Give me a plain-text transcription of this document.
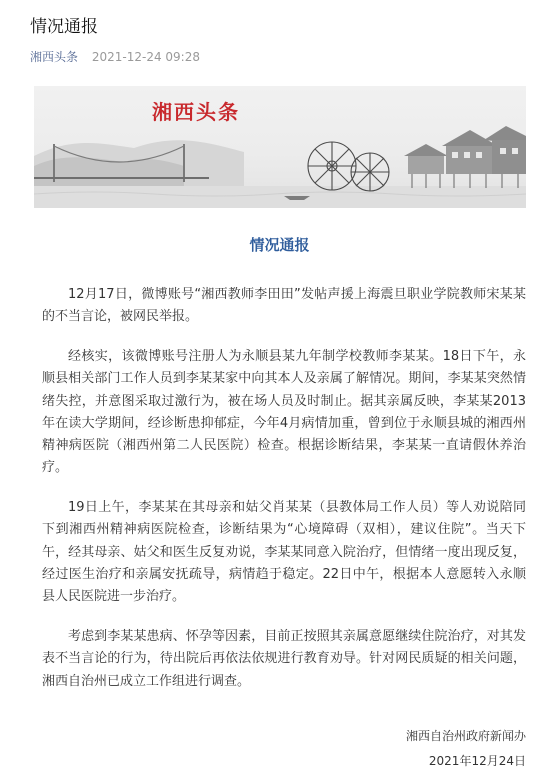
情况通报
湘西头条 2021-12-24 09:28
湘西头条
情况通报

12月17日，微博账号“湘西教师李田田”发帖声援上海震旦职业学院教师宋某某的不当言论，被网民举报。

经核实，该微博账号注册人为永顺县某九年制学校教师李某某。18日下午，永顺县相关部门工作人员到李某某家中向其本人及亲属了解情况。期间，李某某突然情绪失控，并意图采取过激行为，被在场人员及时制止。据其亲属反映，李某某2013年在读大学期间，经诊断患抑郁症，今年4月病情加重，曾到位于永顺县城的湘西州精神病医院（湘西州第二人民医院）检查。根据诊断结果，李某某一直请假休养治疗。

19日上午，李某某在其母亲和姑父肖某某（县教体局工作人员）等人劝说陪同下到湘西州精神病医院检查，诊断结果为“心境障碍（双相），建议住院”。当天下午，经其母亲、姑父和医生反复劝说，李某某同意入院治疗，但情绪一度出现反复，经过医生治疗和亲属安抚疏导，病情趋于稳定。22日中午，根据本人意愿转入永顺县人民医院进一步治疗。

考虑到李某某患病、怀孕等因素，目前正按照其亲属意愿继续住院治疗，对其发表不当言论的行为，待出院后再依法依规进行教育劝导。针对网民质疑的相关问题，湘西自治州已成立工作组进行调查。

湘西自治州政府新闻办

2021年12月24日
